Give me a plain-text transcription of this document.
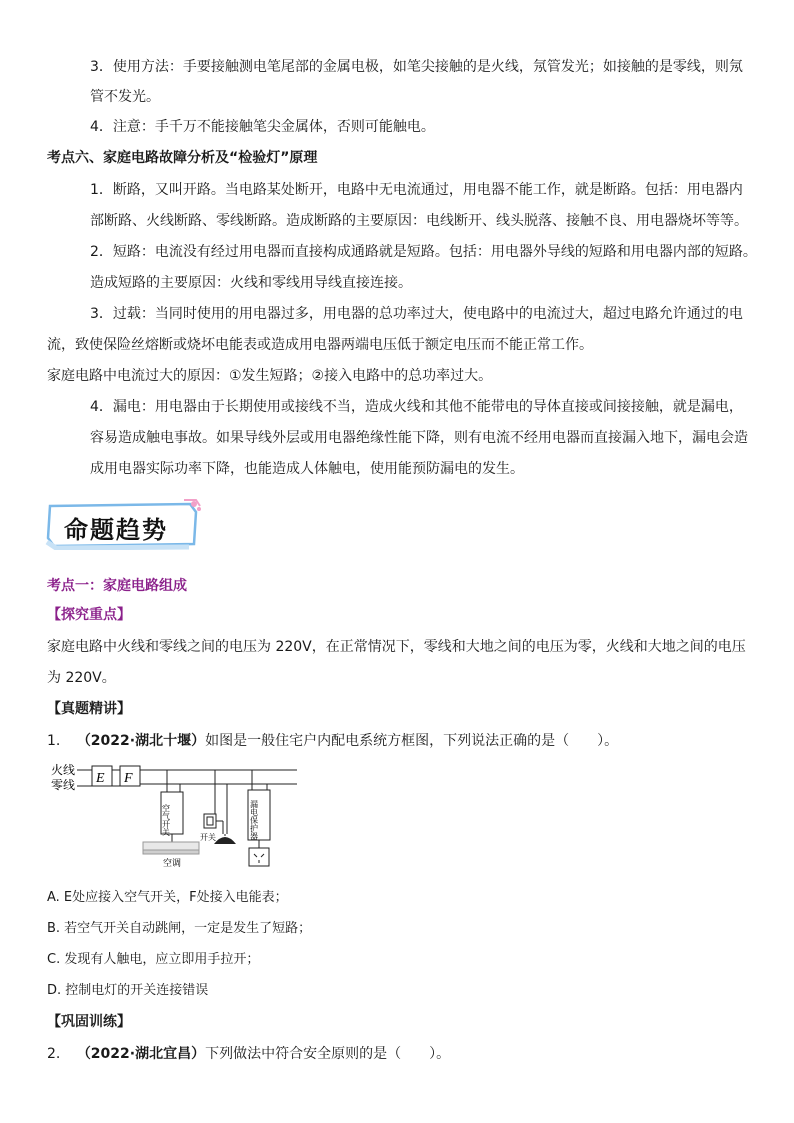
3．使用方法：手要接触测电笔尾部的金属电极，如笔尖接触的是火线，氖管发光；如接触的是零线，则氖
管不发光。
4．注意：手千万不能接触笔尖金属体，否则可能触电。
考点六、家庭电路故障分析及“检验灯”原理
1．断路，又叫开路。当电路某处断开，电路中无电流通过，用电器不能工作，就是断路。包括：用电器内
部断路、火线断路、零线断路。造成断路的主要原因：电线断开、线头脱落、接触不良、用电器烧坏等等。
2．短路：电流没有经过用电器而直接构成通路就是短路。包括：用电器外导线的短路和用电器内部的短路。
造成短路的主要原因：火线和零线用导线直接连接。
3．过载：当同时使用的用电器过多，用电器的总功率过大，使电路中的电流过大，超过电路允许通过的电
流，致使保险丝熔断或烧坏电能表或造成用电器两端电压低于额定电压而不能正常工作。
家庭电路中电流过大的原因：①发生短路；②接入电路中的总功率过大。
4．漏电：用电器由于长期使用或接线不当，造成火线和其他不能带电的导体直接或间接接触，就是漏电，
容易造成触电事故。如果导线外层或用电器绝缘性能下降，则有电流不经用电器而直接漏入地下，漏电会造
成用电器实际功率下降，也能造成人体触电，使用能预防漏电的发生。
命题趋势
考点一：家庭电路组成
【探究重点】
家庭电路中火线和零线之间的电压为 220V，在正常情况下，零线和大地之间的电压为零，火线和大地之间的电压
为 220V。
【真题精讲】
1. （2022·湖北十堰）如图是一般住宅户内配电系统方框图，下列说法正确的是（　　）。
火线
零线 E F
空气开关
空调
开关	漏电保护器
A. E处应接入空气开关，F处接入电能表；
B. 若空气开关自动跳闸，一定是发生了短路；
C. 发现有人触电，应立即用手拉开；
D. 控制电灯的开关连接错误
【巩固训练】
2. （2022·湖北宜昌）下列做法中符合安全原则的是（　　）。
